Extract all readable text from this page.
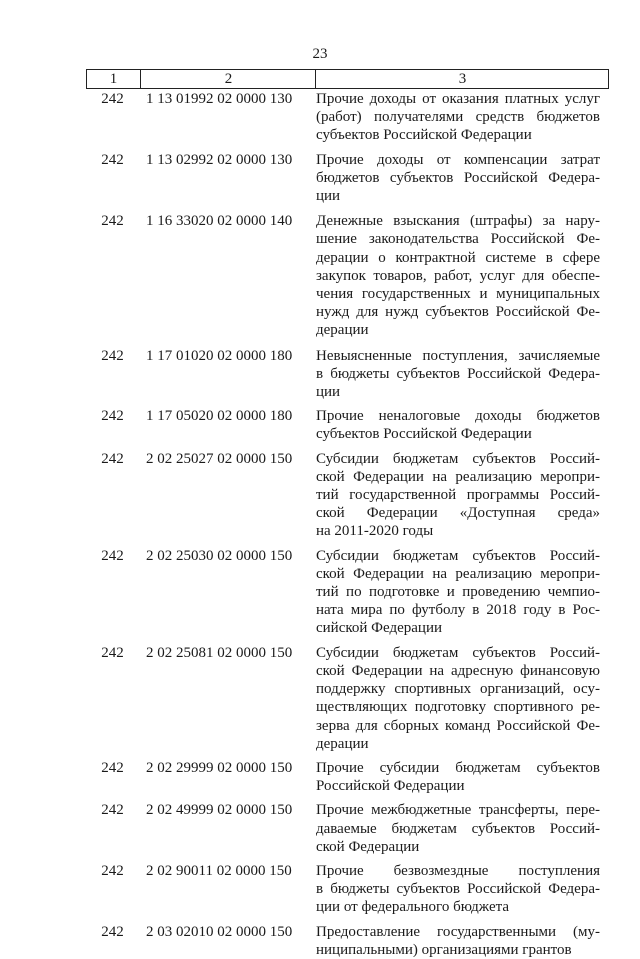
23
1	2	3
242	1 13 01992 02 0000 130	Прочие доходы от оказания платных услуг
(работ) получателями средств бюджетов
субъектов Российской Федерации
242	1 13 02992 02 0000 130	Прочие доходы от компенсации затрат
бюджетов субъектов Российской Федера-
ции
242	1 16 33020 02 0000 140	Денежные взыскания (штрафы) за нару-
шение законодательства Российской Фе-
дерации о контрактной системе в сфере
закупок товаров, работ, услуг для обеспе-
чения государственных и муниципальных
нужд для нужд субъектов Российской Фе-
дерации
242	1 17 01020 02 0000 180	Невыясненные поступления, зачисляемые
в бюджеты субъектов Российской Федера-
ции
242	1 17 05020 02 0000 180	Прочие неналоговые доходы бюджетов
субъектов Российской Федерации
242	2 02 25027 02 0000 150	Субсидии бюджетам субъектов Россий-
ской Федерации на реализацию меропри-
тий государственной программы Россий-
ской Федерации «Доступная среда»
на 2011-2020 годы
242	2 02 25030 02 0000 150	Субсидии бюджетам субъектов Россий-
ской Федерации на реализацию меропри-
тий по подготовке и проведению чемпио-
ната мира по футболу в 2018 году в Рос-
сийской Федерации
242	2 02 25081 02 0000 150	Субсидии бюджетам субъектов Россий-
ской Федерации на адресную финансовую
поддержку спортивных организаций, осу-
ществляющих подготовку спортивного ре-
зерва для сборных команд Российской Фе-
дерации
242	2 02 29999 02 0000 150	Прочие субсидии бюджетам субъектов
Российской Федерации
242	2 02 49999 02 0000 150	Прочие межбюджетные трансферты, пере-
даваемые бюджетам субъектов Россий-
ской Федерации
242	2 02 90011 02 0000 150	Прочие безвозмездные поступления
в бюджеты субъектов Российской Федера-
ции от федерального бюджета
242	2 03 02010 02 0000 150	Предоставление государственными (му-
ниципальными) организациями грантов
